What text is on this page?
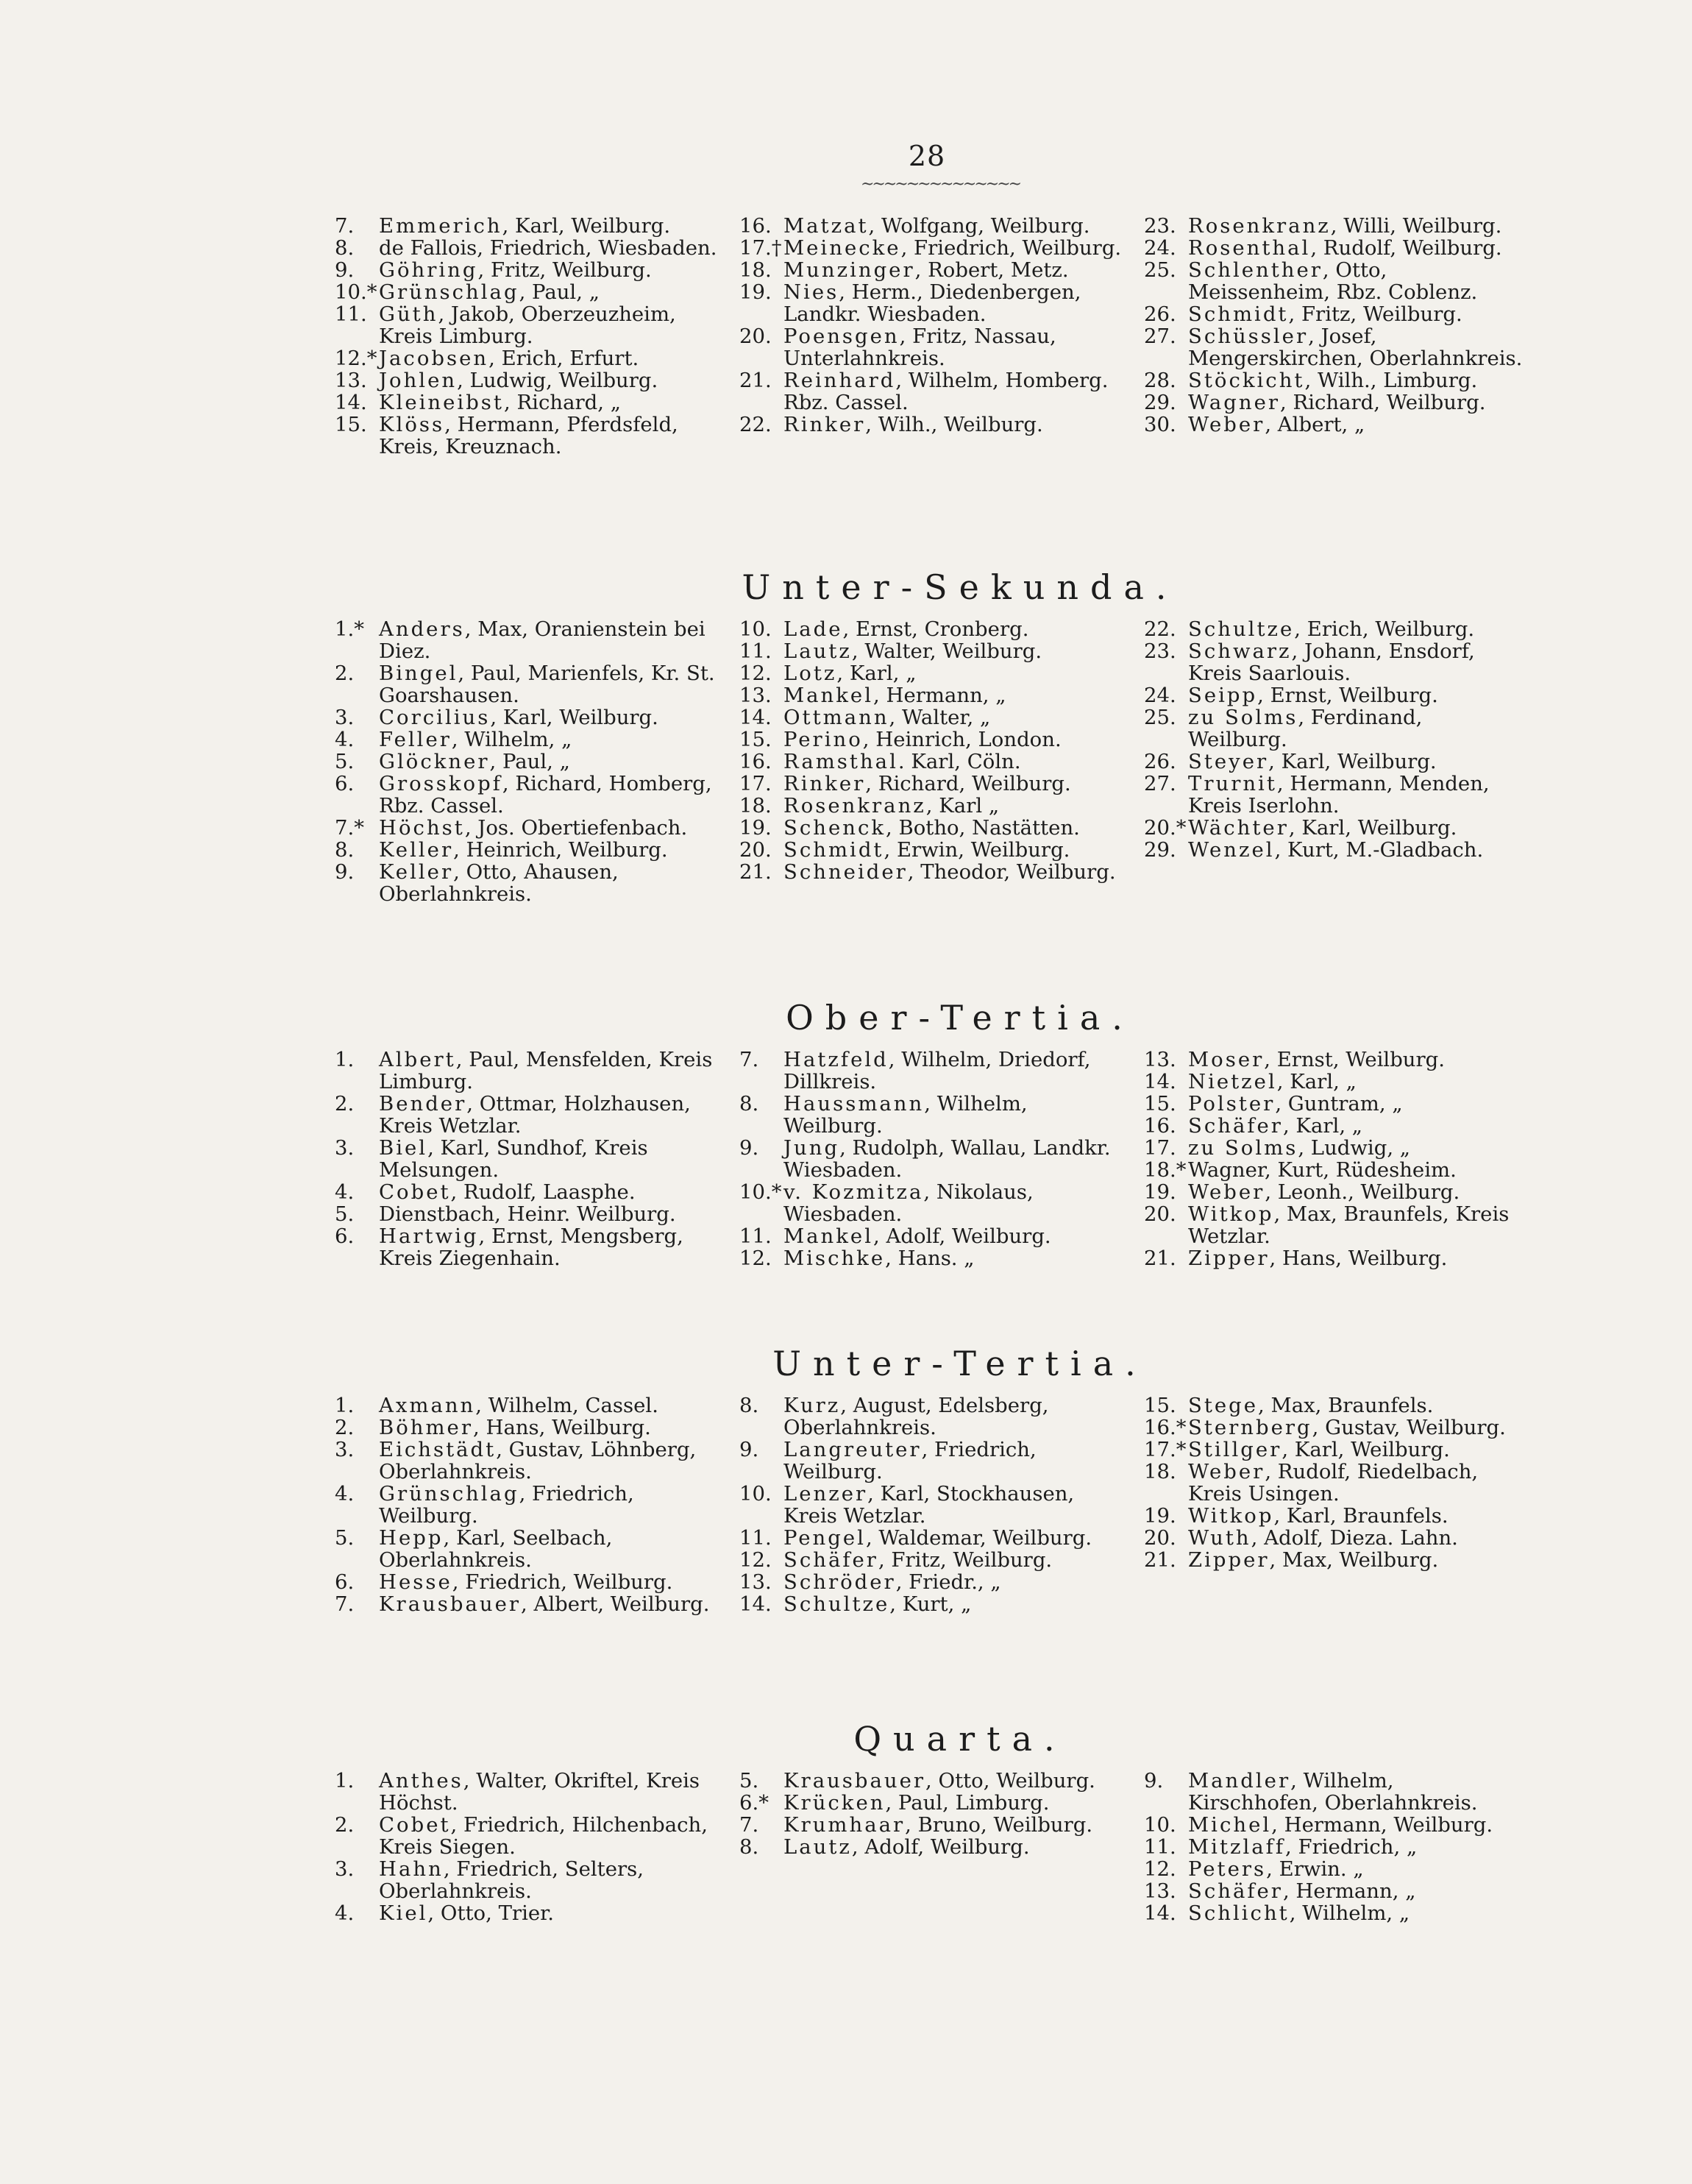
28
~~~~~~~~~~~~~~
7.	Emmerich, Karl, Weilburg.
8.	de Fallois, Friedrich, Wiesbaden.
9.	Göhring, Fritz, Weilburg.
10.* Grünschlag, Paul, „
11. Güth, Jakob, Oberzeuzheim, Kreis Limburg.
12.* Jacobsen, Erich, Erfurt.
13. Johlen, Ludwig, Weilburg.
14. Kleineibst, Richard, „
15. Klöss, Hermann, Pferdsfeld, Kreis, Kreuznach.
16. Matzat, Wolfgang, Weilburg.
17.† Meinecke, Friedrich, Weilburg.
18. Munzinger, Robert, Metz.
19. Nies, Herm., Diedenbergen, Landkr. Wiesbaden.
20. Poensgen, Fritz, Nassau, Unterlahnkreis.
21. Reinhard, Wilhelm, Homberg. Rbz. Cassel.
22. Rinker, Wilh., Weilburg.
23. Rosenkranz, Willi, Weilburg.
24. Rosenthal, Rudolf, Weilburg.
25. Schlenther, Otto, Meissenheim, Rbz. Coblenz.
26. Schmidt, Fritz, Weilburg.
27. Schüssler, Josef, Mengerskirchen, Oberlahnkreis.
28. Stöckicht, Wilh., Limburg.
29. Wagner, Richard, Weilburg.
30. Weber, Albert, „
Unter-Sekunda.
1.* Anders, Max, Oranienstein bei Diez.
2.	Bingel, Paul, Marienfels, Kr. St. Goarshausen.
3.	Corcilius, Karl, Weilburg.
4.	Feller, Wilhelm, „
5.	Glöckner, Paul, „
6.	Grosskopf, Richard, Homberg, Rbz. Cassel.
7.* Höchst, Jos. Obertiefenbach.
8.	Keller, Heinrich, Weilburg.
9.	Keller, Otto, Ahausen, Oberlahnkreis.
10. Lade, Ernst, Cronberg.
11. Lautz, Walter, Weilburg.
12. Lotz, Karl, „
13. Mankel, Hermann, „
14. Ottmann, Walter, „
15. Perino, Heinrich, London.
16. Ramsthal. Karl, Cöln.
17. Rinker, Richard, Weilburg.
18. Rosenkranz, Karl „
19. Schenck, Botho, Nastätten.
20. Schmidt, Erwin, Weilburg.
21. Schneider, Theodor, Weilburg.
22. Schultze, Erich, Weilburg.
23. Schwarz, Johann, Ensdorf, Kreis Saarlouis.
24. Seipp, Ernst, Weilburg.
25. zu Solms, Ferdinand, Weilburg.
26. Steyer, Karl, Weilburg.
27. Trurnit, Hermann, Menden, Kreis Iserlohn.
20.* Wächter, Karl, Weilburg.
29. Wenzel, Kurt, M.-Gladbach.
Ober-Tertia.
1.	Albert, Paul, Mensfelden, Kreis Limburg.
2.	Bender, Ottmar, Holzhausen, Kreis Wetzlar.
3.	Biel, Karl, Sundhof, Kreis Melsungen.
4.	Cobet, Rudolf, Laasphe.
5.	Dienstbach, Heinr. Weilburg.
6.	Hartwig, Ernst, Mengsberg, Kreis Ziegenhain.
7.	Hatzfeld, Wilhelm, Driedorf, Dillkreis.
8.	Haussmann, Wilhelm, Weilburg.
9.	Jung, Rudolph, Wallau, Landkr. Wiesbaden.
10.* v. Kozmitza, Nikolaus, Wiesbaden.
11. Mankel, Adolf, Weilburg.
12. Mischke, Hans. „
13. Moser, Ernst, Weilburg.
14. Nietzel, Karl, „
15. Polster, Guntram, „
16. Schäfer, Karl, „
17. zu Solms, Ludwig, „
18.* Wagner, Kurt, Rüdesheim.
19. Weber, Leonh., Weilburg.
20. Witkop, Max, Braunfels, Kreis Wetzlar.
21. Zipper, Hans, Weilburg.
Unter-Tertia.
1.	Axmann, Wilhelm, Cassel.
2.	Böhmer, Hans, Weilburg.
3.	Eichstädt, Gustav, Löhnberg, Oberlahnkreis.
4.	Grünschlag, Friedrich, Weilburg.
5.	Hepp, Karl, Seelbach, Oberlahnkreis.
6.	Hesse, Friedrich, Weilburg.
7.	Krausbauer, Albert, Weilburg.
8.	Kurz, August, Edelsberg, Oberlahnkreis.
9.	Langreuter, Friedrich, Weilburg.
10. Lenzer, Karl, Stockhausen, Kreis Wetzlar.
11. Pengel, Waldemar, Weilburg.
12. Schäfer, Fritz, Weilburg.
13. Schröder, Friedr., „
14. Schultze, Kurt, „
15. Stege, Max, Braunfels.
16.* Sternberg, Gustav, Weilburg.
17.* Stillger, Karl, Weilburg.
18. Weber, Rudolf, Riedelbach, Kreis Usingen.
19. Witkop, Karl, Braunfels.
20. Wuth, Adolf, Dieza. Lahn.
21. Zipper, Max, Weilburg.
Quarta.
1.	Anthes, Walter, Okriftel, Kreis Höchst.
2.	Cobet, Friedrich, Hilchenbach, Kreis Siegen.
3.	Hahn, Friedrich, Selters, Oberlahnkreis.
4.	Kiel, Otto, Trier.
5.	Krausbauer, Otto, Weilburg.
6.* Krücken, Paul, Limburg.
7.	Krumhaar, Bruno, Weilburg.
8.	Lautz, Adolf, Weilburg.
9.	Mandler, Wilhelm, Kirschhofen, Oberlahnkreis.
10. Michel, Hermann, Weilburg.
11. Mitzlaff, Friedrich, „
12. Peters, Erwin. „
13. Schäfer, Hermann, „
14. Schlicht, Wilhelm, „
